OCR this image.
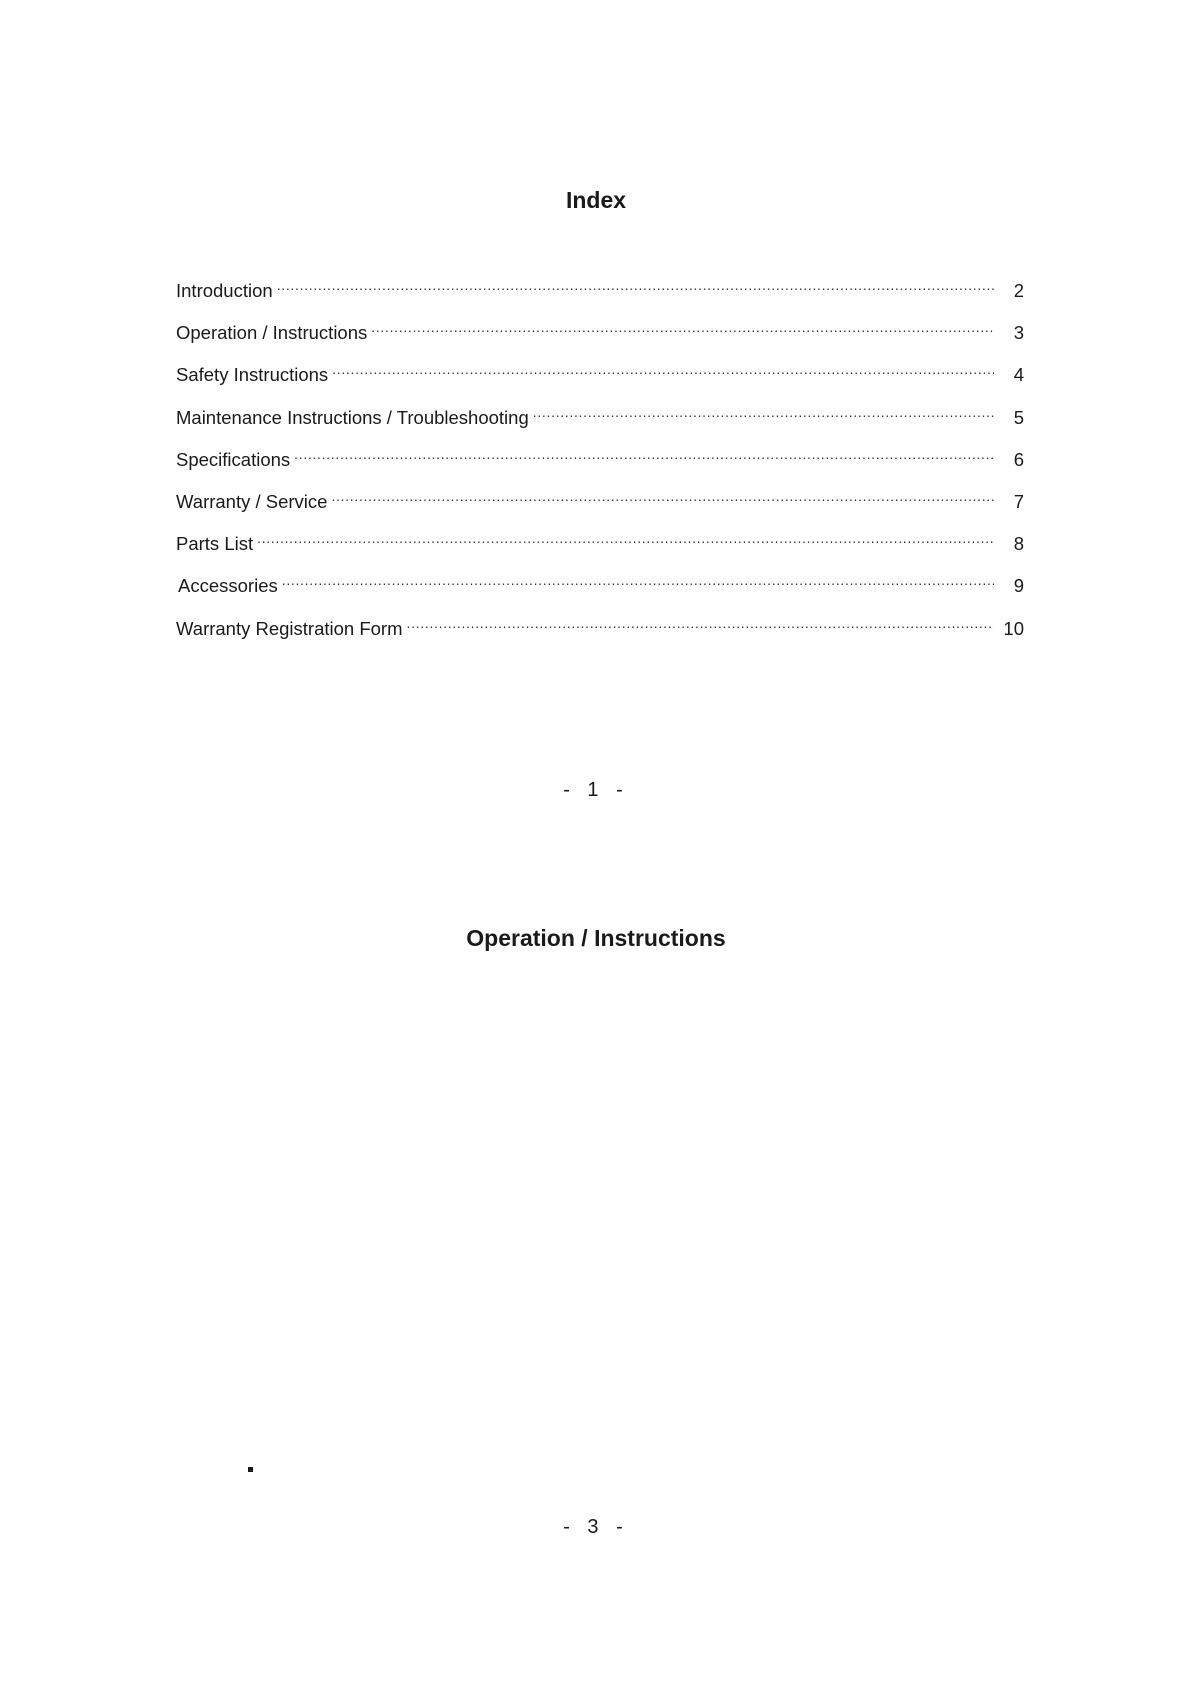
Index
Introduction . . .	2
Operation / Instructions . . .	3
Safety Instructions . . .	4
Maintenance Instructions / Troubleshooting . . .	5
Specifications . . .	6
Warranty / Service . . .	7
Parts List . . .	8
Accessories . . .	9
Warranty Registration Form . . .	10

- 1 -

Operation / Instructions

- 3 -
